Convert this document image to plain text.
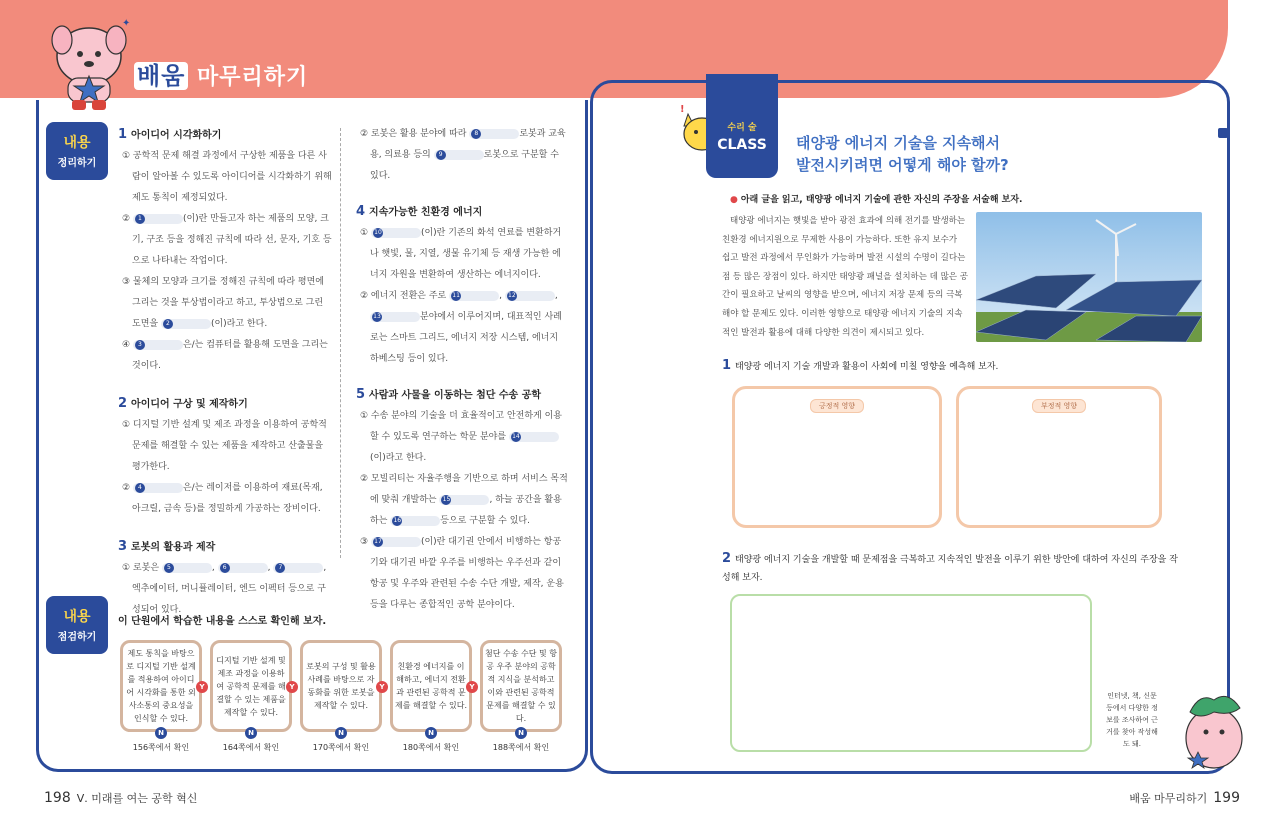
✦
배움 마무리하기
내용
정리하기
1 아이디어 시각화하기
① 공학적 문제 해결 과정에서 구상한 제품을 다른 사람이 알아볼 수 있도록 아이디어를 시각화하기 위해 제도 통칙이 제정되었다.
② 1	(이)란 만들고자 하는 제품의 모양, 크기, 구조 등을 정해진 규칙에 따라 선, 문자, 기호 등으로 나타내는 작업이다.
③ 물체의 모양과 크기를 정해진 규칙에 따라 평면에 그리는 것을 투상법이라고 하고, 투상법으로 그린 도면을 2	(이)라고 한다.
④ 3	은/는 컴퓨터를 활용해 도면을 그리는 것이다.
2 아이디어 구상 및 제작하기
① 디지털 기반 설계 및 제조 과정을 이용하여 공학적 문제를 해결할 수 있는 제품을 제작하고 산출물을 평가한다.
② 4	은/는 레이저를 이용하여 재료(목재, 아크릴, 금속 등)를 정밀하게 가공하는 장비이다.
3 로봇의 활용과 제작
① 로봇은 5	, 6	, 7	, 엑추에이터, 머니퓰레이터, 엔드 이펙터 등으로 구성되어 있다.
② 로봇은 활용 분야에 따라 8	로봇과 교육용, 의료용 등의 9	로봇으로 구분할 수 있다.
4 지속가능한 친환경 에너지
① 10	(이)란 기존의 화석 연료를 변환하거나 햇빛, 물, 지열, 생물 유기체 등 재생 가능한 에너지 자원을 변환하여 생산하는 에너지이다.
② 에너지 전환은 주로 11	, 12	, 13분야에서 이루어지며, 대표적인 사례로는 스마트 그리드, 에너지 저장 시스템, 에너지 하베스팅 등이 있다.
5 사람과 사물을 이동하는 첨단 수송 공학
① 수송 분야의 기술을 더 효율적이고 안전하게 이용할 수 있도록 연구하는 학문 분야를 14(이)라고 한다.
② 모빌리티는 자율주행을 기반으로 하며 서비스 목적에 맞춰 개발하는 15	, 하늘 공간을 활용하는 16	등으로 구분할 수 있다.
③ 17	(이)란 대기권 안에서 비행하는 항공기와 대기권 바깥 우주를 비행하는 우주선과 같이 항공 및 우주와 관련된 수송 수단 개발, 제작, 운용 등을 다루는 종합적인 공학 분야이다.
내용
점검하기
이 단원에서 학습한 내용을 스스로 확인해 보자.
제도 통칙을 바탕으로 디지털 기반 설계를 적용하여 아이디어 시각화를 통한 외사소통의 중요성을 인식할 수 있다.
디지털 기반 설계 및 제조 과정을 이용하여 공학적 문제를 해결할 수 있는 제품을 제작할 수 있다.
로봇의 구성 및 활용 사례를 바탕으로 자동화를 위한 로봇을 제작할 수 있다.
친환경 에너지를 이해하고, 에너지 전환과 관련된 공학적 문제를 해결할 수 있다.
첨단 수송 수단 및 항공 우주 분야의 공학적 지식을 분석하고 이와 관련된 공학적 문제를 해결할 수 있다.
Y	Y	Y	Y
N	N	N	N	N
156쪽에서 확인	164쪽에서 확인	170쪽에서 확인	180쪽에서 확인	188쪽에서 확인
198 Ⅴ. 미래를 여는 공학 혁신	배움 마무리하기 199
!
수리 술
CLASS	태양광 에너지 기술을 지속해서
발전시키려면 어떻게 해야 할까?
● 아래 글을 읽고, 태양광 에너지 기술에 관한 자신의 주장을 서술해 보자.
태양광 에너지는 햇빛을 받아 광전 효과에 의해 전기를 발생하는 친환경 에너지원으로 무제한 사용이 가능하다. 또한 유지 보수가 쉽고 발전 과정에서 무인화가 가능하며 발전 시설의 수명이 길다는 점 등 많은 장점이 있다. 하지만 태양광 패널을 설치하는 데 많은 공간이 필요하고 날씨의 영향을 받으며, 에너지 저장 문제 등의 극복해야 할 문제도 있다. 이러한 영향으로 태양광 에너지 기술의 지속적인 발전과 활용에 대해 다양한 의견이 제시되고 있다.
1 태양광 에너지 기술 개발과 활용이 사회에 미칠 영향을 예측해 보자.
긍정적 영향	부정적 영향
2 태양광 에너지 기술을 개발할 때 문제점을 극복하고 지속적인 발전을 이루기 위한 방안에 대하여 자신의 주장을 작성해 보자.
인터넷, 책, 신문 등에서 다양한 정보를 조사하여 근거를 찾아 작성해도 돼.
